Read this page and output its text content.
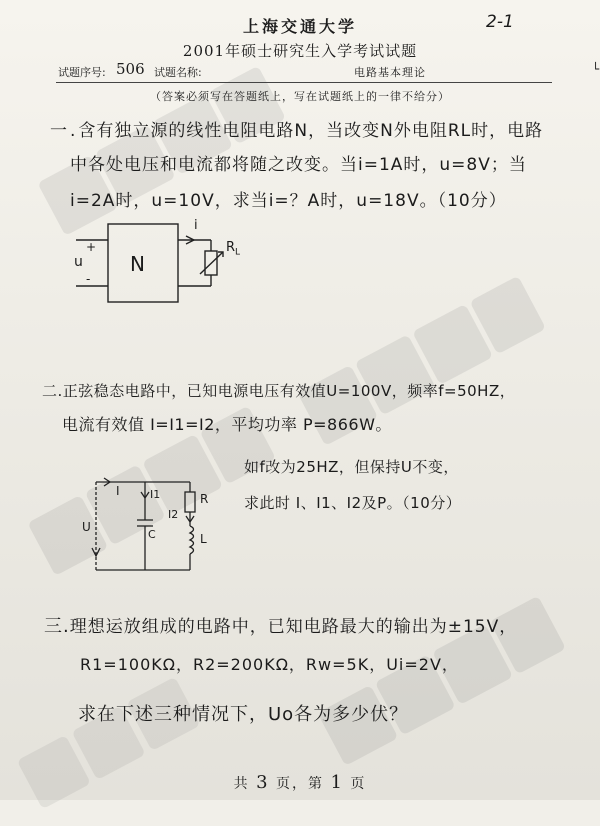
2-1
└
上海交通大学
2001年硕士研究生入学考试试题
试题序号: 506 试题名称:	电路基本理论
（答案必须写在答题纸上，写在试题纸上的一律不给分）
一.含有独立源的线性电阻电路N，当改变N外电阻RL时，电路
中各处电压和电流都将随之改变。当i=1A时，u=8V；当
i=2A时，u=10V，求当i=？A时，u=18V。（10分）
N
i
+
u
-
$R_L$
二.正弦稳态电路中，已知电源电压有效值U=100V，频率f=50HZ，
电流有效值 I=I1=I2，平均功率 P=866W。
如f改为25HZ，但保持U不变，
求此时 I、I1、I2及P。（10分）
I	I1
I2
U
C
R
L
三.理想运放组成的电路中，已知电路最大的输出为±15V，
R1=100KΩ，R2=200KΩ，Rw=5K，Ui=2V，
求在下述三种情况下，Uo各为多少伏？
共 3 页，第 1 页
